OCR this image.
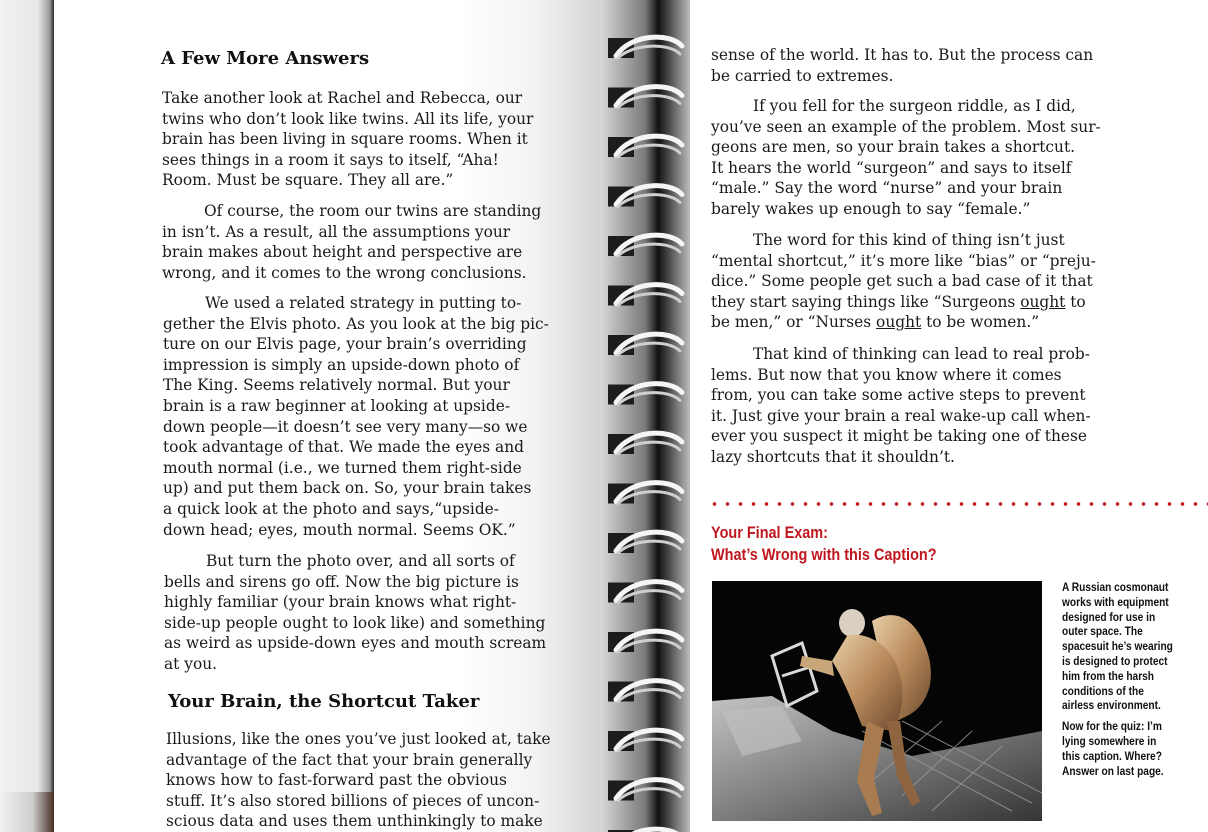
A Few More Answers

Take another look at Rachel and Rebecca, our
twins who don’t look like twins. All its life, your
brain has been living in square rooms. When it
sees things in a room it says to itself, “Aha!
Room. Must be square. They all are.”

Of course, the room our twins are standing
in isn’t. As a result, all the assumptions your
brain makes about height and perspective are
wrong, and it comes to the wrong conclusions.

We used a related strategy in putting to-
gether the Elvis photo. As you look at the big pic-
ture on our Elvis page, your brain’s overriding
impression is simply an upside-down photo of
The King. Seems relatively normal. But your
brain is a raw beginner at looking at upside-
down people—it doesn’t see very many—so we
took advantage of that. We made the eyes and
mouth normal (i.e., we turned them right-side
up) and put them back on. So, your brain takes
a quick look at the photo and says,“upside-
down head; eyes, mouth normal. Seems OK.”

But turn the photo over, and all sorts of
bells and sirens go off. Now the big picture is
highly familiar (your brain knows what right-
side-up people ought to look like) and something
as weird as upside-down eyes and mouth scream
at you.

Your Brain, the Shortcut Taker

Illusions, like the ones you’ve just looked at, take
advantage of the fact that your brain generally
knows how to fast-forward past the obvious
stuff. It’s also stored billions of pieces of uncon-
scious data and uses them unthinkingly to make

sense of the world. It has to. But the process can
be carried to extremes.

If you fell for the surgeon riddle, as I did,
you’ve seen an example of the problem. Most sur-
geons are men, so your brain takes a shortcut.
It hears the world “surgeon” and says to itself
“male.” Say the word “nurse” and your brain
barely wakes up enough to say “female.”

The word for this kind of thing isn’t just
“mental shortcut,” it’s more like “bias” or “preju-
dice.” Some people get such a bad case of it that
they start saying things like “Surgeons ought to
be men,” or “Nurses ought to be women.”

That kind of thinking can lead to real prob-
lems. But now that you know where it comes
from, you can take some active steps to prevent
it. Just give your brain a real wake-up call when-
ever you suspect it might be taking one of these
lazy shortcuts that it shouldn’t.

Your Final Exam:
What’s Wrong with this Caption?
A Russian cosmonaut
works with equipment
designed for use in
outer space. The
spacesuit he’s wearing
is designed to protect
him from the harsh
conditions of the
airless environment.
Now for the quiz: I’m
lying somewhere in
this caption. Where?
Answer on last page.
